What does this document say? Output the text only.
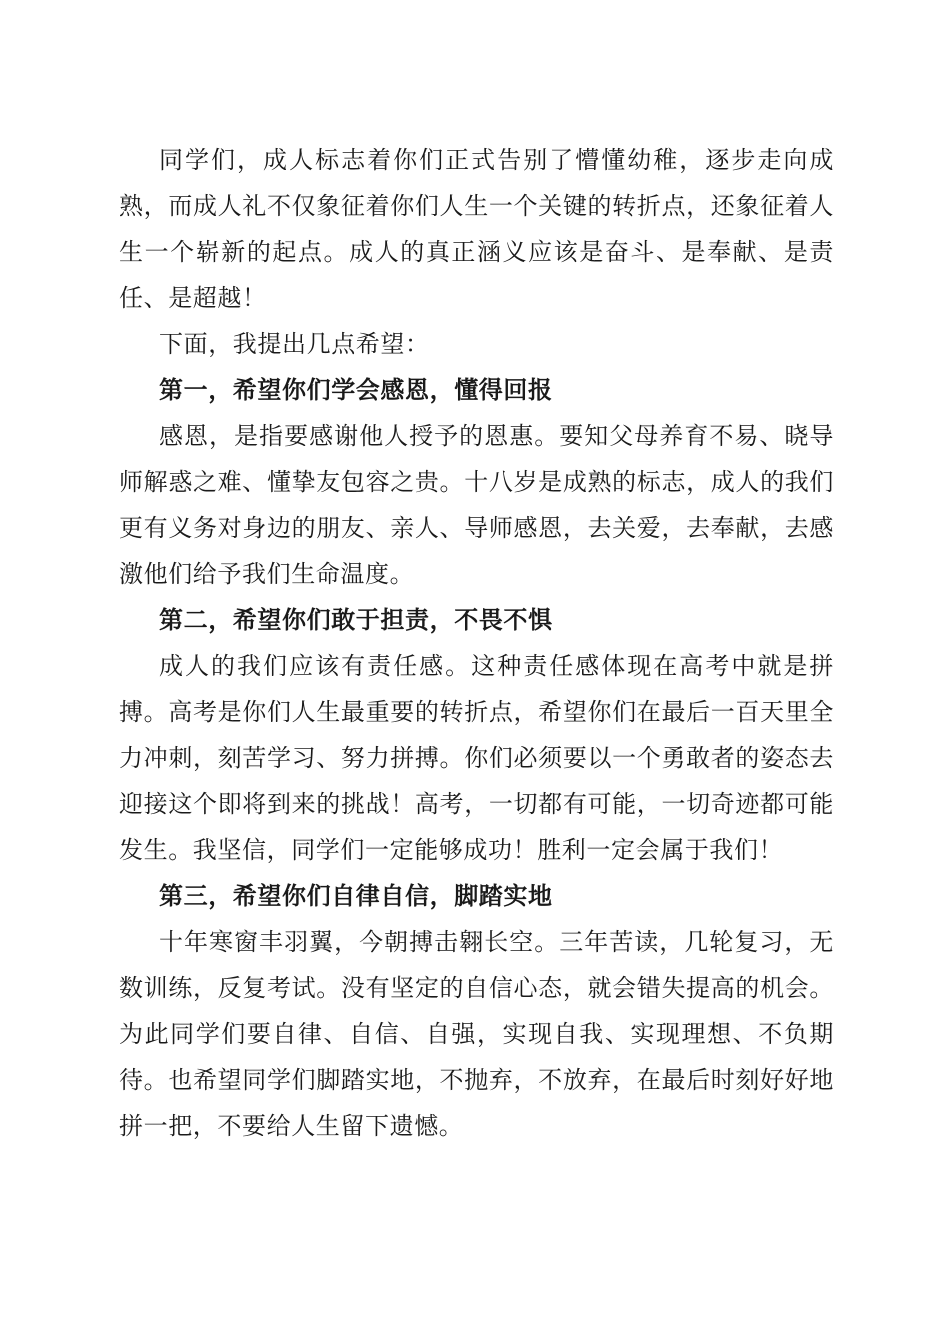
同学们，成人标志着你们正式告别了懵懂幼稚，逐步走向成熟，而成人礼不仅象征着你们人生一个关键的转折点，还象征着人生一个崭新的起点。成人的真正涵义应该是奋斗、是奉献、是责任、是超越！

下面，我提出几点希望：

第一，希望你们学会感恩，懂得回报

感恩，是指要感谢他人授予的恩惠。要知父母养育不易、晓导师解惑之难、懂挚友包容之贵。十八岁是成熟的标志，成人的我们更有义务对身边的朋友、亲人、导师感恩，去关爱，去奉献，去感激他们给予我们生命温度。

第二，希望你们敢于担责，不畏不惧

成人的我们应该有责任感。这种责任感体现在高考中就是拼搏。高考是你们人生最重要的转折点，希望你们在最后一百天里全力冲刺，刻苦学习、努力拼搏。你们必须要以一个勇敢者的姿态去迎接这个即将到来的挑战！高考，一切都有可能，一切奇迹都可能发生。我坚信，同学们一定能够成功！胜利一定会属于我们！

第三，希望你们自律自信，脚踏实地

十年寒窗丰羽翼，今朝搏击翱长空。三年苦读，几轮复习，无数训练，反复考试。没有坚定的自信心态，就会错失提高的机会。为此同学们要自律、自信、自强，实现自我、实现理想、不负期待。也希望同学们脚踏实地，不抛弃，不放弃，在最后时刻好好地拼一把，不要给人生留下遗憾。
